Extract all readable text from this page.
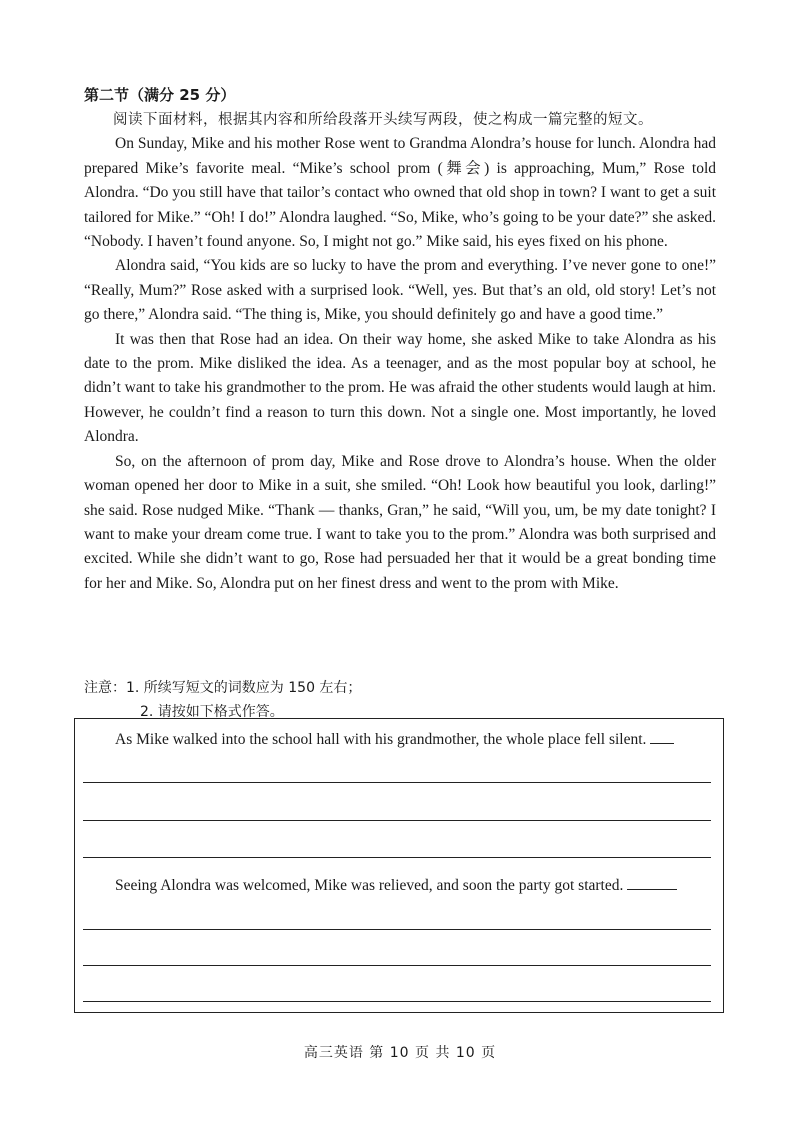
第二节（满分 25 分）

阅读下面材料，根据其内容和所给段落开头续写两段，使之构成一篇完整的短文。

On Sunday, Mike and his mother Rose went to Grandma Alondra’s house for lunch. Alondra had prepared Mike’s favorite meal. “Mike’s school prom (舞会) is approaching, Mum,” Rose told Alondra. “Do you still have that tailor’s contact who owned that old shop in town? I want to get a suit tailored for Mike.” “Oh! I do!” Alondra laughed. “So, Mike, who’s going to be your date?” she asked. “Nobody. I haven’t found anyone. So, I might not go.” Mike said, his eyes fixed on his phone.

Alondra said, “You kids are so lucky to have the prom and everything. I’ve never gone to one!” “Really, Mum?” Rose asked with a surprised look. “Well, yes. But that’s an old, old story! Let’s not go there,” Alondra said. “The thing is, Mike, you should definitely go and have a good time.”

It was then that Rose had an idea. On their way home, she asked Mike to take Alondra as his date to the prom. Mike disliked the idea. As a teenager, and as the most popular boy at school, he didn’t want to take his grandmother to the prom. He was afraid the other students would laugh at him. However, he couldn’t find a reason to turn this down. Not a single one. Most importantly, he loved Alondra.

So, on the afternoon of prom day, Mike and Rose drove to Alondra’s house. When the older woman opened her door to Mike in a suit, she smiled. “Oh! Look how beautiful you look, darling!” she said. Rose nudged Mike. “Thank — thanks, Gran,” he said, “Will you, um, be my date tonight? I want to make your dream come true. I want to take you to the prom.” Alondra was both surprised and excited. While she didn’t want to go, Rose had persuaded her that it would be a great bonding time for her and Mike. So, Alondra put on her finest dress and went to the prom with Mike.

注意：1. 所续写短文的词数应为 150 左右；
2. 请按如下格式作答。
As Mike walked into the school hall with his grandmother, the whole place fell silent.
Seeing Alondra was welcomed, Mike was relieved, and soon the party got started.
高三英语 第 10 页 共 10 页
